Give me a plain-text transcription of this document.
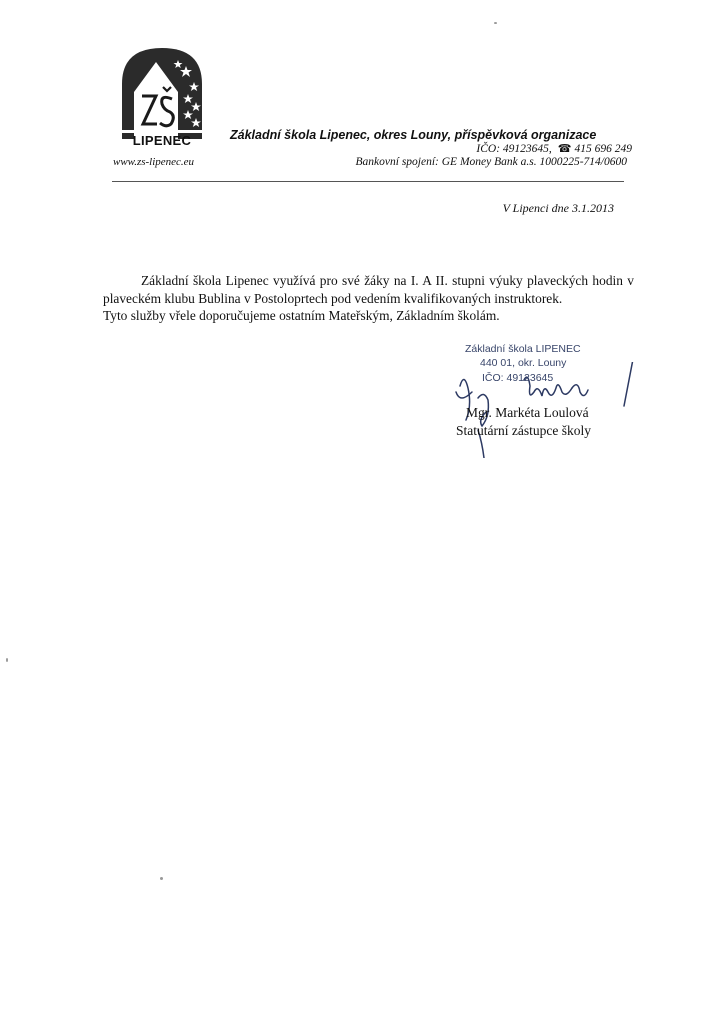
LIPENEC
www.zs-lipenec.eu
Základní škola Lipenec, okres Louny, příspěvková organizace
IČO: 49123645, ☎ 415 696 249
Bankovní spojení: GE Money Bank a.s. 1000225-714/0600
V Lipenci dne 3.1.2013

Základní škola Lipenec využívá pro své žáky na I. A II. stupni výuky plaveckých hodin v plaveckém klubu Bublina v Postoloprtech pod vedením kvalifikovaných instruktorek.

Tyto služby vřele doporučujeme ostatním Mateřským, Základním školám.

Základní škola LIPENEC
440 01, okr. Louny
IČO: 49123645
Mgr. Markéta Loulová
Statutární zástupce školy
